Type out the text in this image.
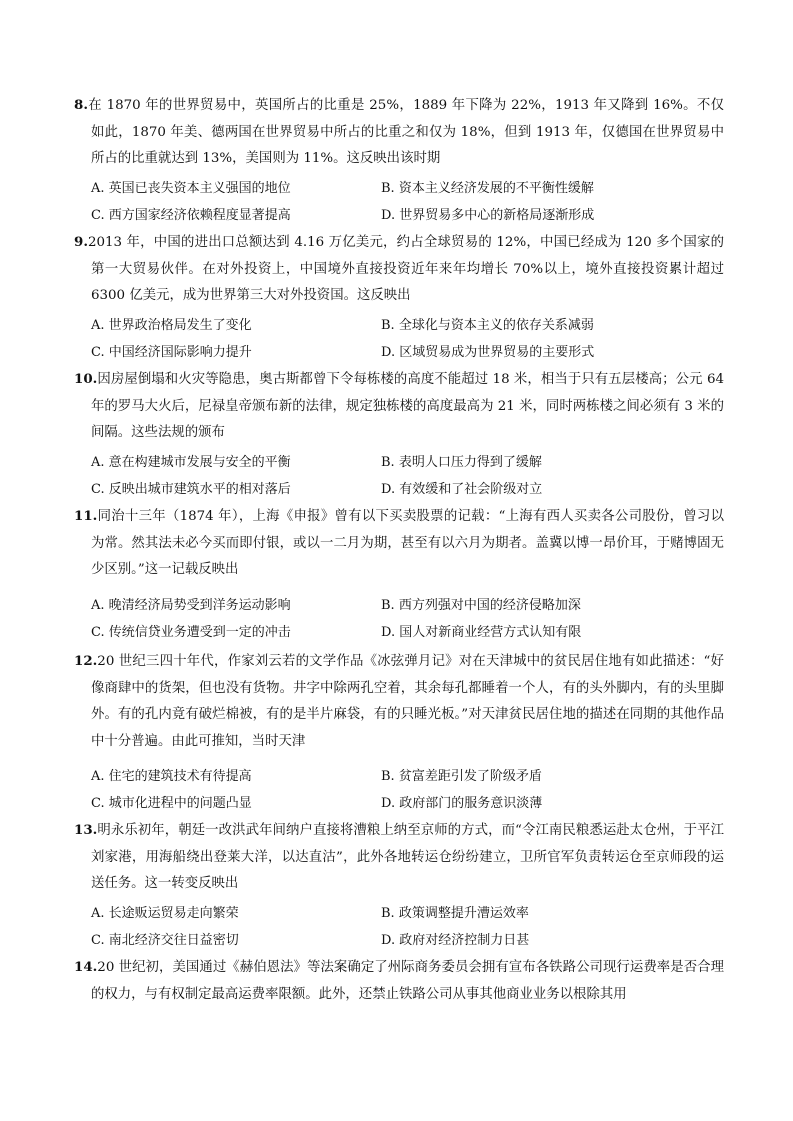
8.在 1870 年的世界贸易中，英国所占的比重是 25%，1889 年下降为 22%，1913 年又降到 16%。不仅如此，1870 年美、德两国在世界贸易中所占的比重之和仅为 18%，但到 1913 年，仅德国在世界贸易中所占的比重就达到 13%，美国则为 11%。这反映出该时期

A. 英国已丧失资本主义强国的地位	B. 资本主义经济发展的不平衡性缓解
C. 西方国家经济依赖程度显著提高	D. 世界贸易多中心的新格局逐渐形成

9.2013 年，中国的进出口总额达到 4.16 万亿美元，约占全球贸易的 12%，中国已经成为 120 多个国家的第一大贸易伙伴。在对外投资上，中国境外直接投资近年来年均增长 70%以上，境外直接投资累计超过 6300 亿美元，成为世界第三大对外投资国。这反映出

A. 世界政治格局发生了变化	B. 全球化与资本主义的依存关系减弱
C. 中国经济国际影响力提升	D. 区域贸易成为世界贸易的主要形式

10.因房屋倒塌和火灾等隐患，奥古斯都曾下令每栋楼的高度不能超过 18 米，相当于只有五层楼高；公元 64 年的罗马大火后，尼禄皇帝颁布新的法律，规定独栋楼的高度最高为 21 米，同时两栋楼之间必须有 3 米的间隔。这些法规的颁布

A. 意在构建城市发展与安全的平衡	B. 表明人口压力得到了缓解
C. 反映出城市建筑水平的相对落后	D. 有效缓和了社会阶级对立

11.同治十三年（1874 年），上海《申报》曾有以下买卖股票的记载：“上海有西人买卖各公司股份，曾习以为常。然其法未必今买而即付银，或以一二月为期，甚至有以六月为期者。盖冀以博一昂价耳，于赌博固无少区别。”这一记载反映出

A. 晚清经济局势受到洋务运动影响	B. 西方列强对中国的经济侵略加深
C. 传统信贷业务遭受到一定的冲击	D. 国人对新商业经营方式认知有限

12.20 世纪三四十年代，作家刘云若的文学作品《冰弦弹月记》对在天津城中的贫民居住地有如此描述：“好像商肆中的货架，但也没有货物。井字中除两孔空着，其余每孔都睡着一个人，有的头外脚内，有的头里脚外。有的孔内竟有破烂棉被，有的是半片麻袋，有的只睡光板。”对天津贫民居住地的描述在同期的其他作品中十分普遍。由此可推知，当时天津

A. 住宅的建筑技术有待提高	B. 贫富差距引发了阶级矛盾
C. 城市化进程中的问题凸显	D. 政府部门的服务意识淡薄

13.明永乐初年，朝廷一改洪武年间纳户直接将漕粮上纳至京师的方式，而“令江南民粮悉运赴太仓州，于平江刘家港，用海船绕出登莱大洋，以达直沽”，此外各地转运仓纷纷建立，卫所官军负责转运仓至京师段的运送任务。这一转变反映出

A. 长途贩运贸易走向繁荣	B. 政策调整提升漕运效率
C. 南北经济交往日益密切	D. 政府对经济控制力日甚

14.20 世纪初，美国通过《赫伯恩法》等法案确定了州际商务委员会拥有宣布各铁路公司现行运费率是否合理的权力，与有权制定最高运费率限额。此外，还禁止铁路公司从事其他商业业务以根除其用
